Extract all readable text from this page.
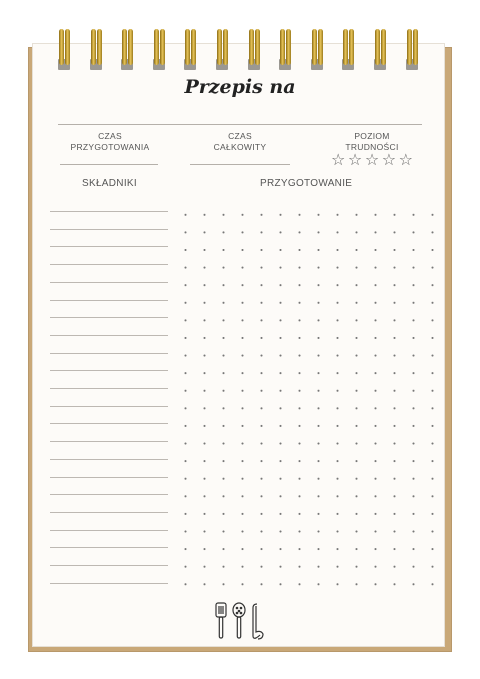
Przepis na
CZAS
PRZYGOTOWANIA
CZAS
CAŁKOWITY
POZIOM
TRUDNOŚCI
☆ ☆ ☆ ☆ ☆
SKŁADNIKI	PRZYGOTOWANIE
